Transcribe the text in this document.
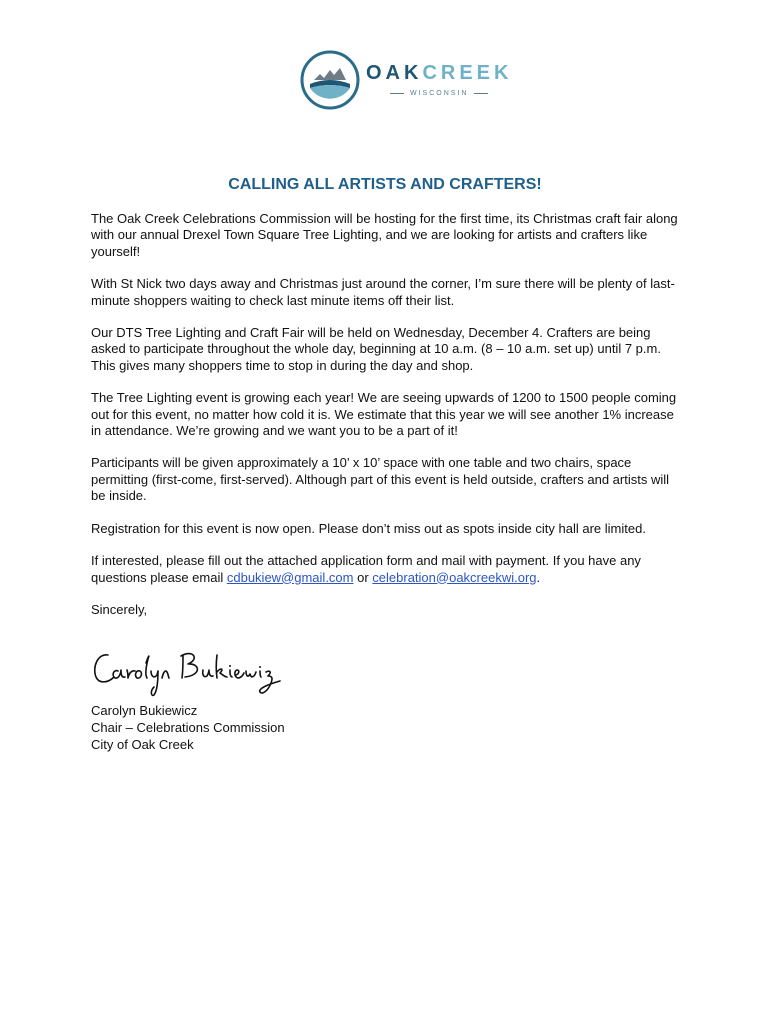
OAKCREEK
WISCONSIN
CALLING ALL ARTISTS AND CRAFTERS!

The Oak Creek Celebrations Commission will be hosting for the first time, its Christmas craft fair along with our annual Drexel Town Square Tree Lighting, and we are looking for artists and crafters like yourself!

With St Nick two days away and Christmas just around the corner, I’m sure there will be plenty of last-minute shoppers waiting to check last minute items off their list.

Our DTS Tree Lighting and Craft Fair will be held on Wednesday, December 4. Crafters are being asked to participate throughout the whole day, beginning at 10 a.m. (8 – 10 a.m. set up) until 7 p.m. This gives many shoppers time to stop in during the day and shop.

The Tree Lighting event is growing each year! We are seeing upwards of 1200 to 1500 people coming out for this event, no matter how cold it is. We estimate that this year we will see another 1% increase in attendance. We’re growing and we want you to be a part of it!

Participants will be given approximately a 10’ x 10’ space with one table and two chairs, space permitting (first-come, first-served). Although part of this event is held outside, crafters and artists will be inside.

Registration for this event is now open. Please don’t miss out as spots inside city hall are limited.

If interested, please fill out the attached application form and mail with payment. If you have any questions please email cdbukiew@gmail.com or celebration@oakcreekwi.org.

Sincerely,

Carolyn Bukiewicz
Chair – Celebrations Commission
City of Oak Creek
